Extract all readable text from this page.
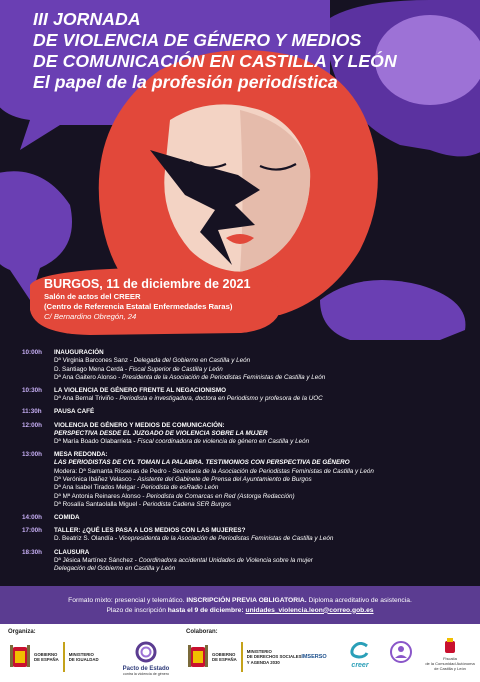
III JORNADA
DE VIOLENCIA DE GÉNERO Y MEDIOS
DE COMUNICACIÓN EN CASTILLA Y LEÓN
El papel de la profesión periodística
BURGOS, 11 de diciembre de 2021
Salón de actos del CREER
(Centro de Referencia Estatal Enfermedades Raras)
C/ Bernardino Obregón, 24
10:00h	INAUGURACIÓN
Dª Virginia Barcones Sanz - Delegada del Gobierno en Castilla y León
D. Santiago Mena Cerdá - Fiscal Superior de Castilla y León
Dª Ana Gaitero Alonso - Presidenta de la Asociación de Periodistas Feministas de Castilla y León
10:30h	LA VIOLENCIA DE GÉNERO FRENTE AL NEGACIONISMO
Dª Ana Bernal Triviño - Periodista e investigadora, doctora en Periodismo y profesora de la UOC
11:30h	PAUSA CAFÉ
12:00h	VIOLENCIA DE GÉNERO Y MEDIOS DE COMUNICACIÓN:
PERSPECTIVA DESDE EL JUZGADO DE VIOLENCIA SOBRE LA MUJER
Dª María Boado Olabarrieta - Fiscal coordinadora de violencia de género en Castilla y León
13:00h	MESA REDONDA:
LAS PERIODISTAS DE CYL TOMAN LA PALABRA. TESTIMONIOS CON PERSPECTIVA DE GÉNERO
Modera: Dª Samanta Rioseras de Pedro - Secretaria de la Asociación de Periodistas Feministas de Castilla y León
Dª Verónica Ibáñez Velasco - Asistente del Gabinete de Prensa del Ayuntamiento de Burgos
Dª Ana Isabel Tirados Melgar - Periodista de esRadio León
Dª Mª Antonia Reinares Alonso - Periodista de Comarcas en Red (Astorga Redacción)
Dª Rosalía Santaolalla Miguel - Periodista Cadena SER Burgos
14:00h	COMIDA
17:00h	TALLER: ¿QUÉ LES PASA A LOS MEDIOS CON LAS MUJERES?
D. Beatriz S. Olandía - Vicepresidenta de la Asociación de Periodistas Feministas de Castilla y León
18:30h	CLAUSURA
Dª Jésica Martínez Sánchez - Coordinadora accidental Unidades de Violencia sobre la mujer
Delegación del Gobierno en Castilla y León
Formato mixto: presencial y telemático. INSCRIPCIÓN PREVIA OBLIGATORIA. Diploma acreditativo de asistencia.
Plazo de inscripción hasta el 9 de diciembre: unidades_violencia.leon@correo.gob.es
Organiza:	Colaboran:
GOBIERNO
DE ESPAÑA
MINISTERIO
DE IGUALDAD
Pacto de Estado
contra la violencia de género
GOBIERNO
DE ESPAÑA
MINISTERIO
DE DERECHOS SOCIALES
Y AGENDA 2030
IMSERSO
creer
Fiscalía
de la Comunidad Autónoma
de Castilla y León
